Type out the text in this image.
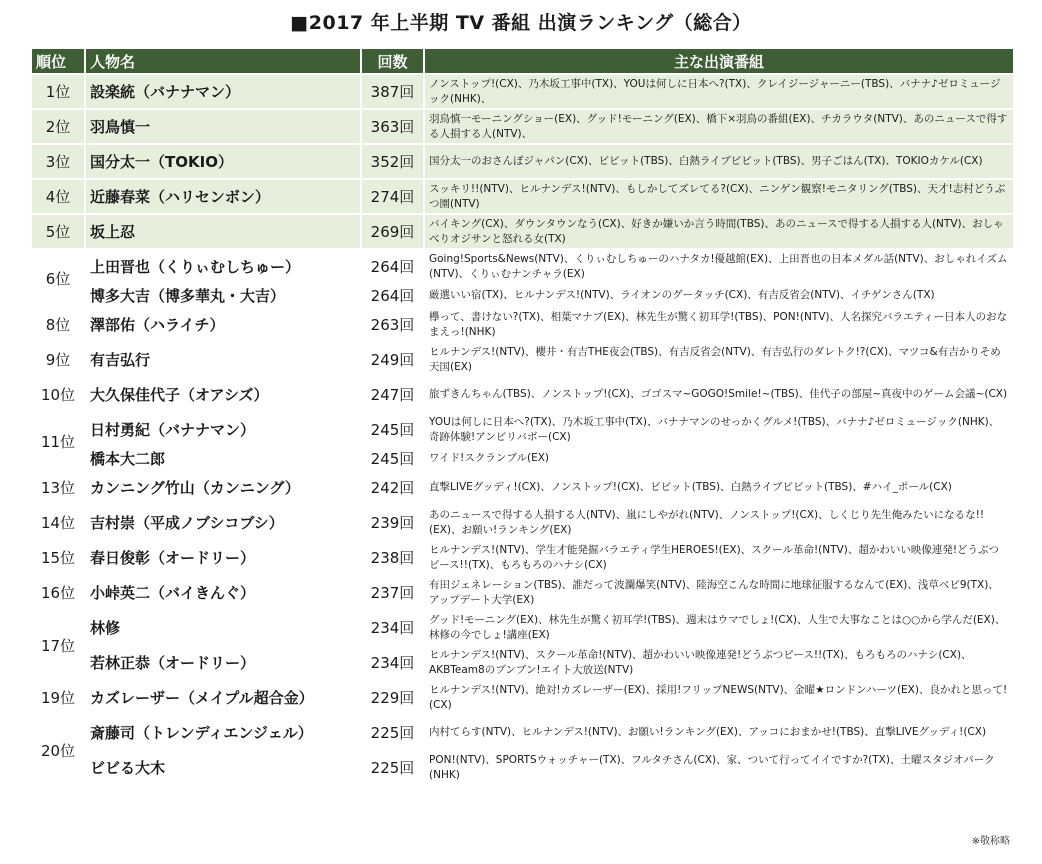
■2017 年上半期 TV 番組 出演ランキング（総合）
順位	人物名	回数	主な出演番組
1位	設楽統（バナナマン）	387回	ノンストップ!(CX)、乃木坂工事中(TX)、YOUは何しに日本へ?(TX)、クレイジージャーニー(TBS)、バナナ♪ゼロミュージック(NHK)、
2位	羽鳥慎一	363回	羽鳥慎一モーニングショー(EX)、グッド!モーニング(EX)、橋下×羽鳥の番組(EX)、チカラウタ(NTV)、あのニュースで得する人損する人(NTV)、
3位	国分太一（TOKIO）	352回	国分太一のおさんぽジャパン(CX)、ビビット(TBS)、白熱ライブビビット(TBS)、男子ごはん(TX)、TOKIOカケル(CX)
4位	近藤春菜（ハリセンボン）	274回	スッキリ!!(NTV)、ヒルナンデス!(NTV)、もしかしてズレてる?(CX)、ニンゲン観察!モニタリング(TBS)、天才!志村どうぶつ園(NTV)
5位	坂上忍	269回	バイキング(CX)、ダウンタウンなう(CX)、好きか嫌いか言う時間(TBS)、あのニュースで得する人損する人(NTV)、おしゃべりオジサンと怒れる女(TX)
6位	上田晋也（くりぃむしちゅー）	264回	Going!Sports&News(NTV)、くりぃむしちゅーのハナタカ!優越館(EX)、上田晋也の日本メダル話(NTV)、おしゃれイズム(NTV)、くりぃむナンチャラ(EX)
	博多大吉（博多華丸・大吉）	264回	厳選いい宿(TX)、ヒルナンデス!(NTV)、ライオンのグータッチ(CX)、有吉反省会(NTV)、イチゲンさん(TX)
8位	澤部佑（ハライチ）	263回	欅って、書けない?(TX)、相葉マナブ(EX)、林先生が驚く初耳学!(TBS)、PON!(NTV)、人名探究バラエティー日本人のおなまえっ!(NHK)
9位	有吉弘行	249回	ヒルナンデス!(NTV)、櫻井・有吉THE夜会(TBS)、有吉反省会(NTV)、有吉弘行のダレトク!?(CX)、マツコ&有吉かりそめ天国(EX)
10位	大久保佳代子（オアシズ）	247回	旅ずきんちゃん(TBS)、ノンストップ!(CX)、ゴゴスマ~GOGO!Smile!~(TBS)、佳代子の部屋~真夜中のゲーム会議~(CX)
11位	日村勇紀（バナナマン）	245回	YOUは何しに日本へ?(TX)、乃木坂工事中(TX)、バナナマンのせっかくグルメ!(TBS)、バナナ♪ゼロミュージック(NHK)、奇跡体験!アンビリバボー(CX)
	橋本大二郎	245回	ワイド!スクランブル(EX)
13位	カンニング竹山（カンニング）	242回	直撃LIVEグッディ!(CX)、ノンストップ!(CX)、ビビット(TBS)、白熱ライブビビット(TBS)、#ハイ_ポール(CX)
14位	吉村崇（平成ノブシコブシ）	239回	あのニュースで得する人損する人(NTV)、嵐にしやがれ(NTV)、ノンストップ!(CX)、しくじり先生俺みたいになるな!!(EX)、お願い!ランキング(EX)
15位	春日俊彰（オードリー）	238回	ヒルナンデス!(NTV)、学生才能発掘バラエティ学生HEROES!(EX)、スクール革命!(NTV)、超かわいい映像連発!どうぶつピース!!(TX)、もろもろのハナシ(CX)
16位	小峠英二（バイきんぐ）	237回	有田ジェネレーション(TBS)、誰だって波瀾爆笑(NTV)、陸海空こんな時間に地球征服するなんて(EX)、浅草ベビ9(TX)、アップデート大学(EX)
17位	林修	234回	グッド!モーニング(EX)、林先生が驚く初耳学!(TBS)、週末はウマでしょ!(CX)、人生で大事なことは○○から学んだ(EX)、林修の今でしょ!講座(EX)
	若林正恭（オードリー）	234回	ヒルナンデス!(NTV)、スクール革命!(NTV)、超かわいい映像連発!どうぶつピース!!(TX)、もろもろのハナシ(CX)、AKBTeam8のブンブン!エイト大放送(NTV)
19位	カズレーザー（メイプル超合金）	229回	ヒルナンデス!(NTV)、絶対!カズレーザー(EX)、採用!フリップNEWS(NTV)、金曜★ロンドンハーツ(EX)、良かれと思って!(CX)
20位	斎藤司（トレンディエンジェル）	225回	内村てらす(NTV)、ヒルナンデス!(NTV)、お願い!ランキング(EX)、アッコにおまかせ!(TBS)、直撃LIVEグッディ!(CX)
	ビビる大木	225回	PON!(NTV)、SPORTSウォッチャー(TX)、フルタチさん(CX)、家、ついて行ってイイですか?(TX)、土曜スタジオパーク(NHK)
※敬称略
